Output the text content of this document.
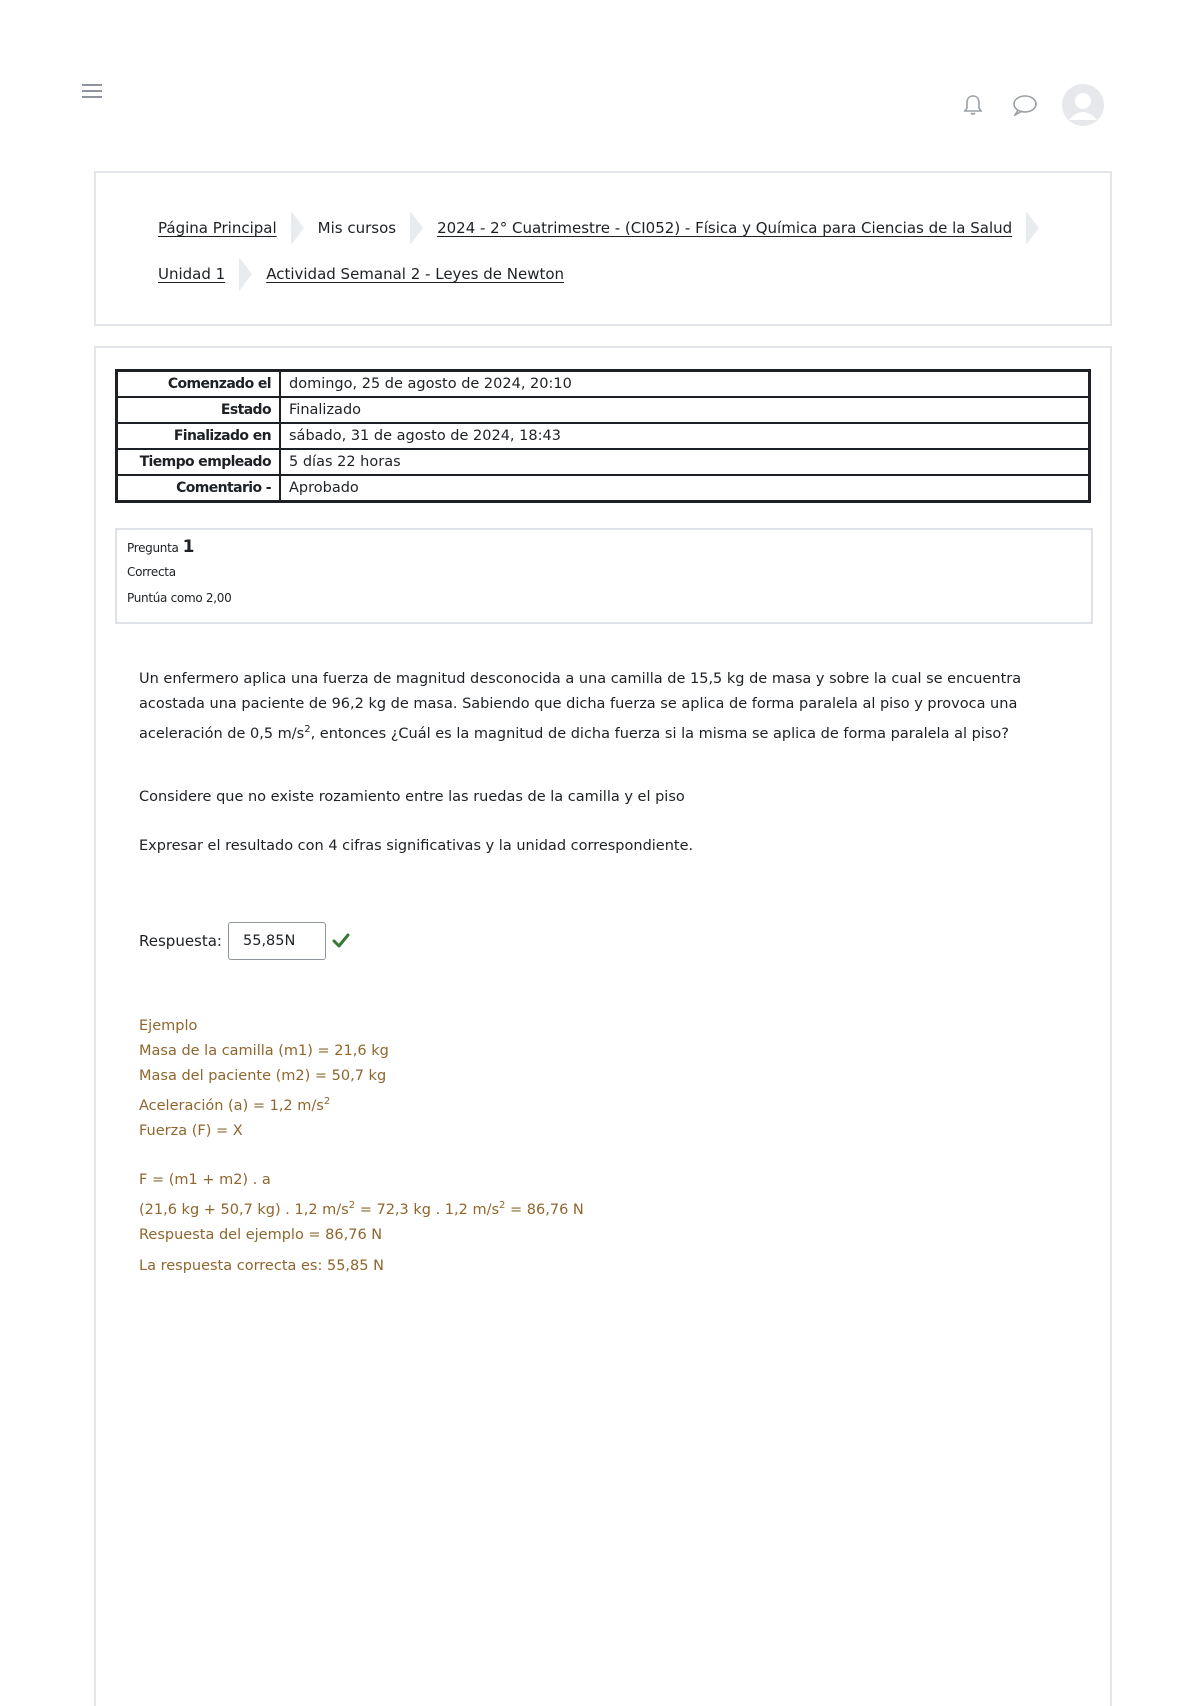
Página Principal	Mis cursos	2024 - 2° Cuatrimestre - (CI052) - Física y Química para Ciencias de la Salud
Unidad 1	Actividad Semanal 2 - Leyes de Newton
Comenzado el	domingo, 25 de agosto de 2024, 20:10
Estado	Finalizado
Finalizado en	sábado, 31 de agosto de 2024, 18:43
Tiempo empleado	5 días 22 horas
Comentario -	Aprobado
Pregunta 1
Correcta
Puntúa como 2,00
Un enfermero aplica una fuerza de magnitud desconocida a una camilla de 15,5 kg de masa y sobre la cual se encuentra
acostada una paciente de 96,2 kg de masa. Sabiendo que dicha fuerza se aplica de forma paralela al piso y provoca una
aceleración de 0,5 $m/s^2$, entonces ¿Cuál es la magnitud de dicha fuerza si la misma se aplica de forma paralela al piso?
Considere que no existe rozamiento entre las ruedas de la camilla y el piso
Expresar el resultado con 4 cifras significativas y la unidad correspondiente.
Respuesta:	55,85N
Ejemplo
Masa de la camilla (m1) = 21,6 kg
Masa del paciente (m2) = 50,7 kg
Aceleración (a) = 1,2 $m/s^2$
Fuerza (F) = X
F = (m1 + m2) . a
(21,6 kg + 50,7 kg) . 1,2 $m/s^2 = 72,3$ kg . 1,2 $m/s^2 = 86,76$ N
Respuesta del ejemplo = 86,76 N
La respuesta correcta es: 55,85 N
